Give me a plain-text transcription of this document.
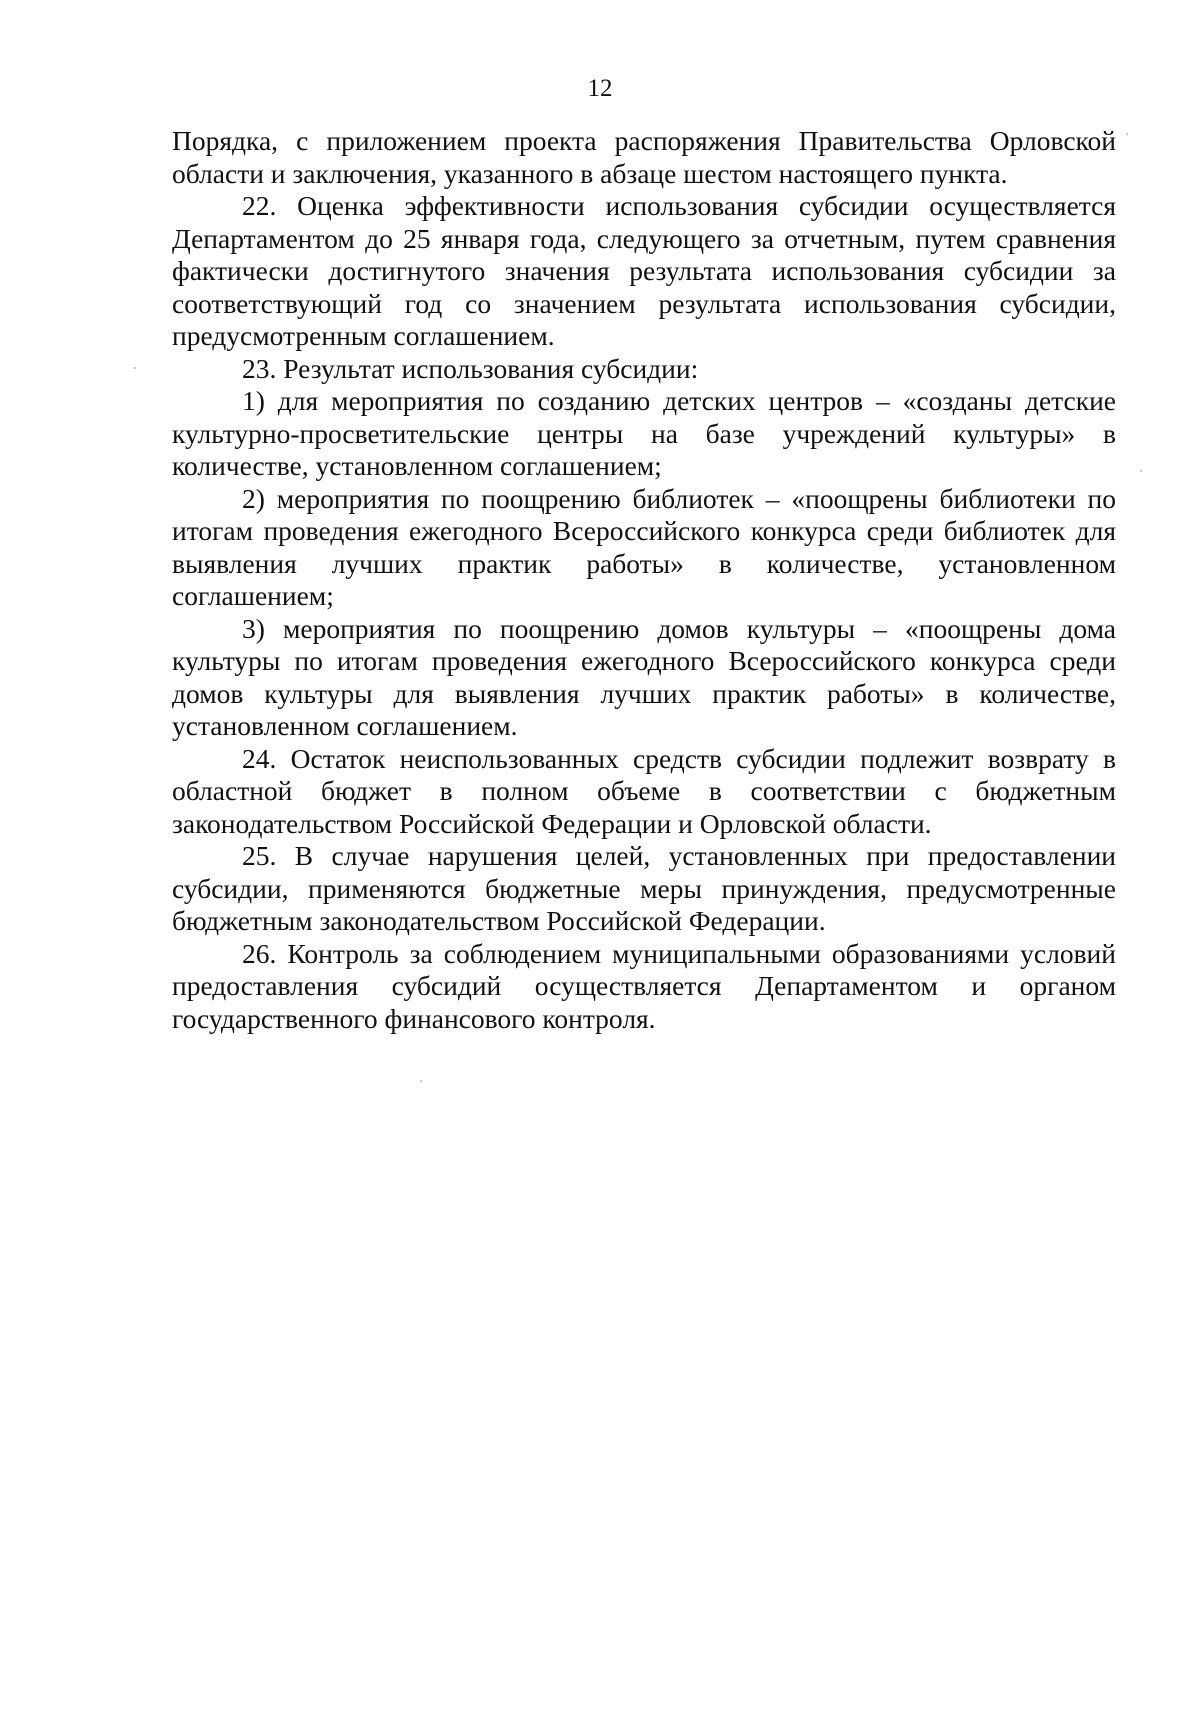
12

Порядка, с приложением проекта распоряжения Правительства Орловской области и заключения, указанного в абзаце шестом настоящего пункта.

22. Оценка эффективности использования субсидии осуществляется Департаментом до 25 января года, следующего за отчетным, путем сравнения фактически достигнутого значения результата использования субсидии за соответствующий год со значением результата использования субсидии, предусмотренным соглашением.

23. Результат использования субсидии:

1) для мероприятия по созданию детских центров – «созданы детские культурно-просветительские центры на базе учреждений культуры» в количестве, установленном соглашением;

2) мероприятия по поощрению библиотек – «поощрены библиотеки по итогам проведения ежегодного Всероссийского конкурса среди библиотек для выявления лучших практик работы» в количестве, установленном соглашением;

3) мероприятия по поощрению домов культуры – «поощрены дома культуры по итогам проведения ежегодного Всероссийского конкурса среди домов культуры для выявления лучших практик работы» в количестве, установленном соглашением.

24. Остаток неиспользованных средств субсидии подлежит возврату в областной бюджет в полном объеме в соответствии с бюджетным законодательством Российской Федерации и Орловской области.

25. В случае нарушения целей, установленных при предоставлении субсидии, применяются бюджетные меры принуждения, предусмотренные бюджетным законодательством Российской Федерации.

26. Контроль за соблюдением муниципальными образованиями условий предоставления субсидий осуществляется Департаментом и органом государственного финансового контроля.
